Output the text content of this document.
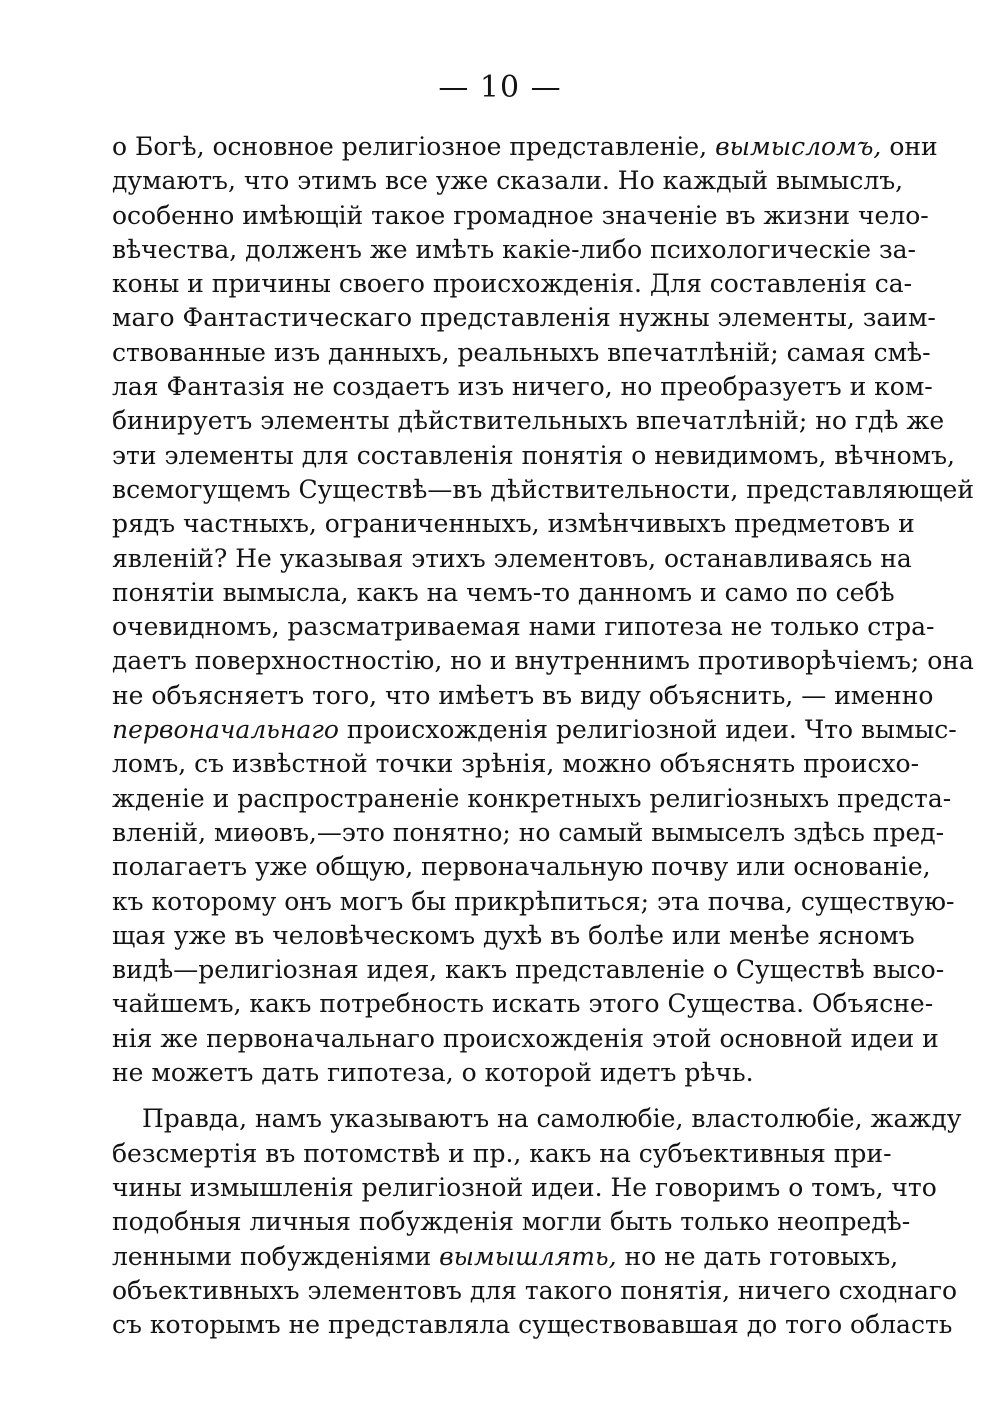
— 10 —
о Богѣ, основное религіозное представленіе, вымысломъ, они
думаютъ, что этимъ все уже сказали. Но каждый вымыслъ,
особенно имѣющій такое громадное значеніе въ жизни чело-
вѣчества, долженъ же имѣть какіе-либо психологическіе за-
коны и причины своего происхожденія. Для составленія са-
маго Фантастическаго представленія нужны элементы, заим-
ствованные изъ данныхъ, реальныхъ впечатлѣній; самая смѣ-
лая Фантазія не создаетъ изъ ничего, но преобразуетъ и ком-
бинируетъ элементы дѣйствительныхъ впечатлѣній; но гдѣ же
эти элементы для составленія понятія о невидимомъ, вѣчномъ,
всемогущемъ Существѣ—въ дѣйствительности, представляющей
рядъ частныхъ, ограниченныхъ, измѣнчивыхъ предметовъ и
явленій? Не указывая этихъ элементовъ, останавливаясь на
понятіи вымысла, какъ на чемъ-то данномъ и само по себѣ
очевидномъ, разсматриваемая нами гипотеза не только стра-
даетъ поверхностностію, но и внутреннимъ противорѣчіемъ; она
не объясняетъ того, что имѣетъ въ виду объяснить, — именно
первоначальнаго происхожденія религіозной идеи. Что вымыс-
ломъ, съ извѣстной точки зрѣнія, можно объяснять происхо-
жденіе и распространеніе конкретныхъ религіозныхъ предста-
вленій, миѳовъ,—это понятно; но самый вымыселъ здѣсь пред-
полагаетъ уже общую, первоначальную почву или основаніе,
къ которому онъ могъ бы прикрѣпиться; эта почва, существую-
щая уже въ человѣческомъ духѣ въ болѣе или менѣе ясномъ
видѣ—религіозная идея, какъ представленіе о Существѣ высо-
чайшемъ, какъ потребность искать этого Существа. Объясне-
нія же первоначальнаго происхожденія этой основной идеи и
не можетъ дать гипотеза, о которой идетъ рѣчь.
Правда, намъ указываютъ на самолюбіе, властолюбіе, жажду
безсмертія въ потомствѣ и пр., какъ на субъективныя при-
чины измышленія религіозной идеи. Не говоримъ о томъ, что
подобныя личныя побужденія могли быть только неопредѣ-
ленными побужденіями вымышлять, но не дать готовыхъ,
объективныхъ элементовъ для такого понятія, ничего сходнаго
съ которымъ не представляла существовавшая до того область
